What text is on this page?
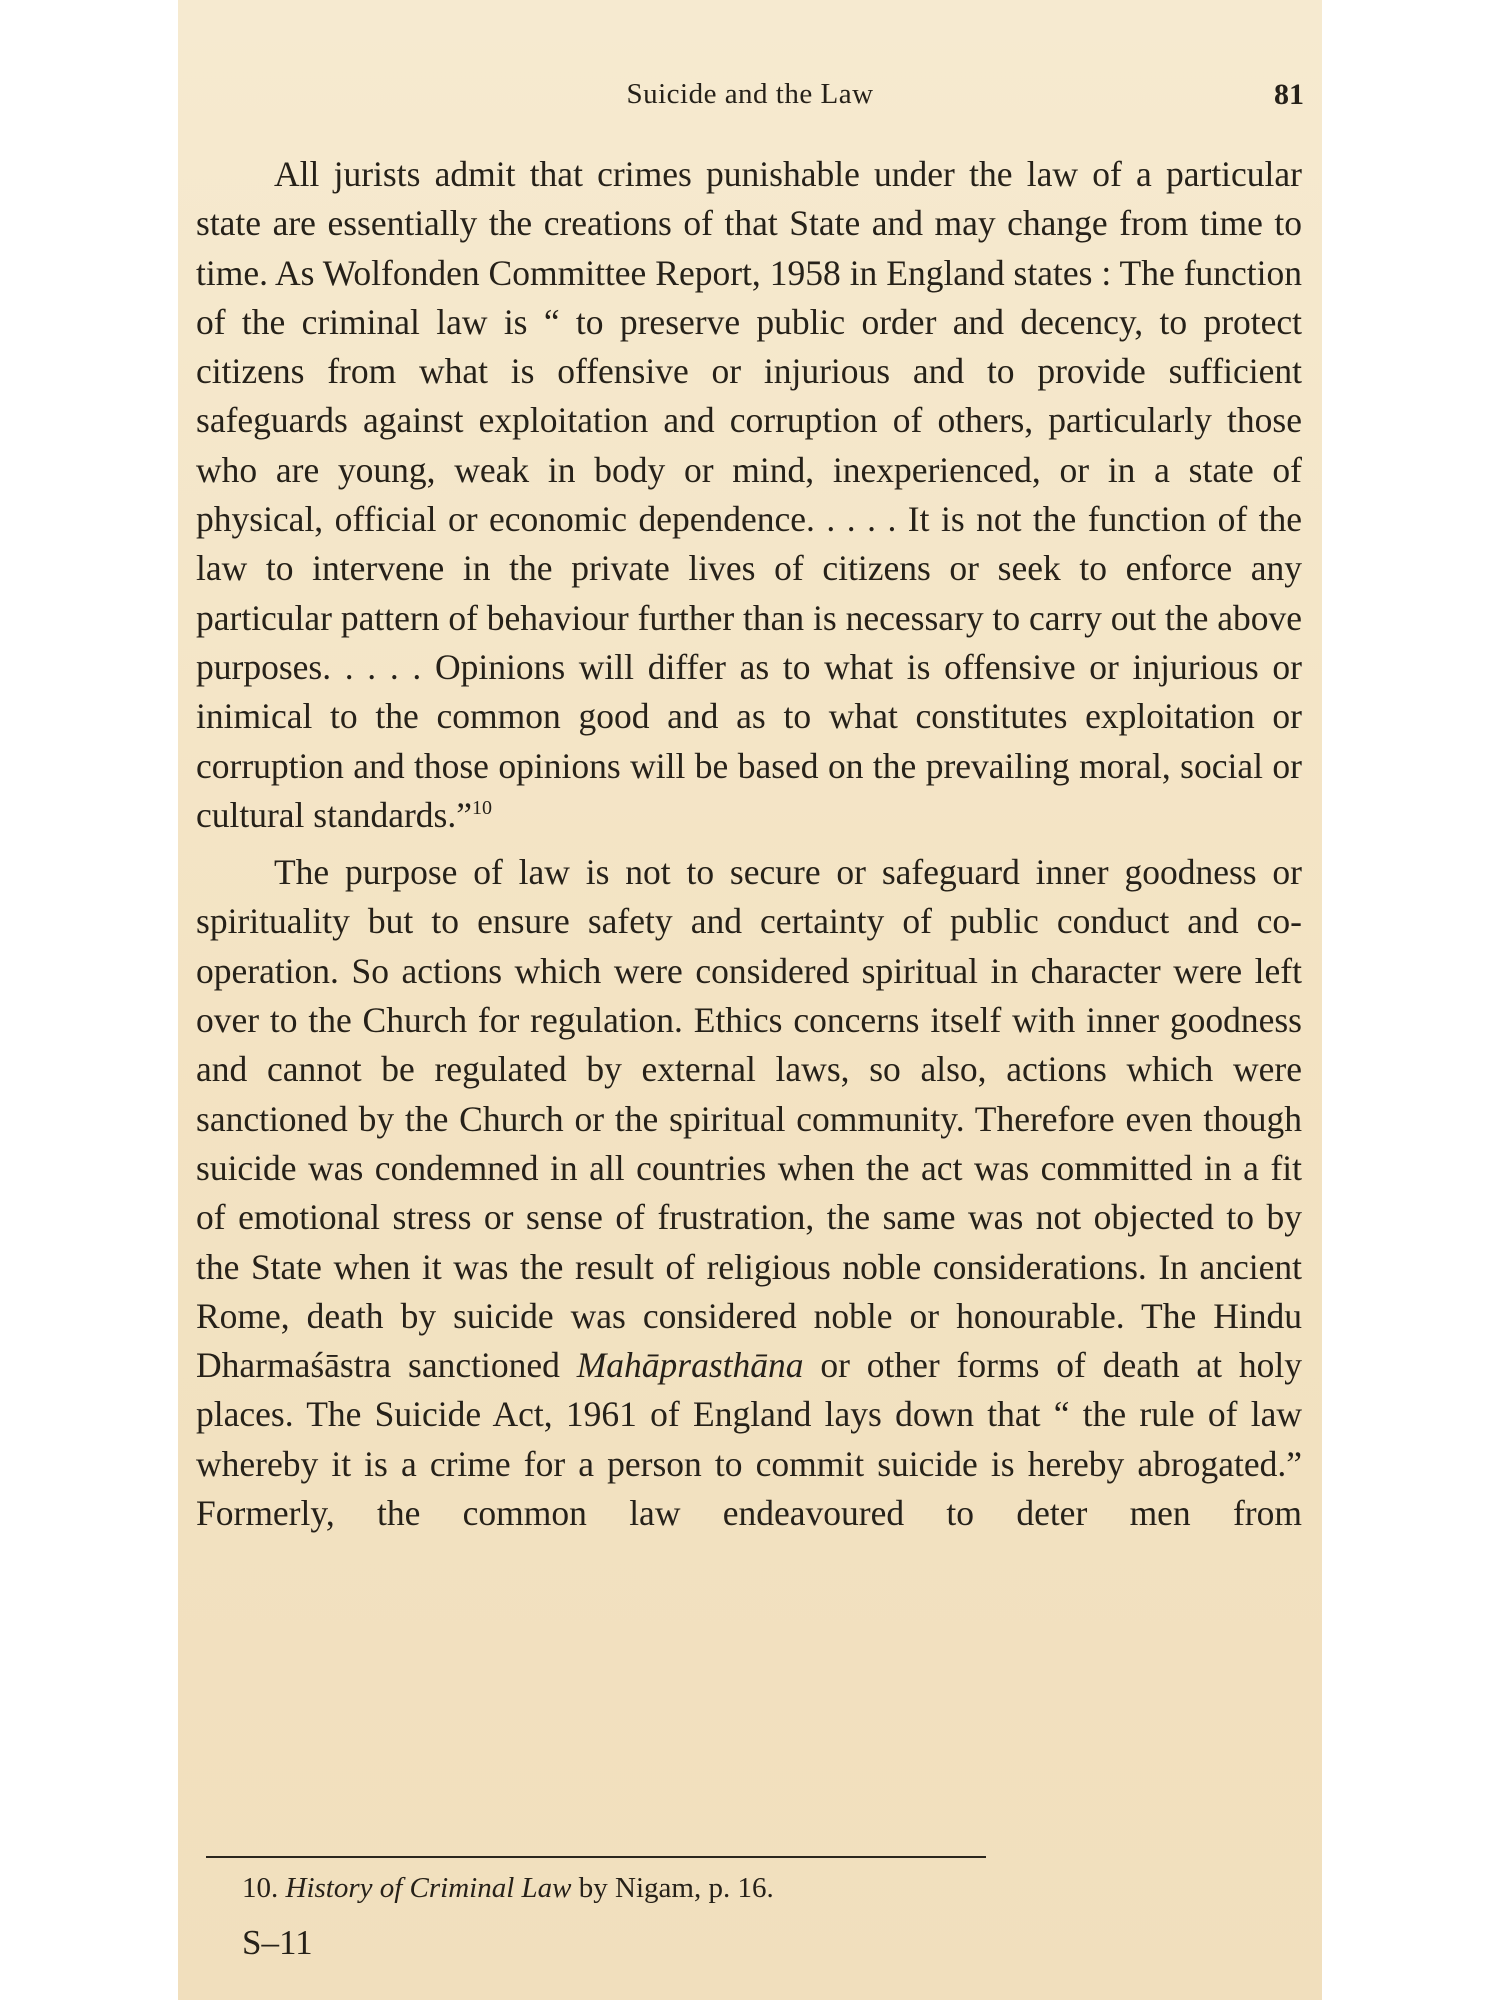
Suicide and the Law	81

All jurists admit that crimes punishable under the law of a particular state are essentially the creations of that State and may change from time to time. As Wolfonden Committee Report, 1958 in England states : The function of the criminal law is “ to preserve public order and decency, to protect citizens from what is offensive or injurious and to provide sufficient safeguards against exploitation and corruption of others, particularly those who are young, weak in body or mind, inexperienced, or in a state of physical, official or economic dependence. . . . . It is not the function of the law to intervene in the private lives of citizens or seek to enforce any particular pattern of behaviour further than is necessary to carry out the above purposes. . . . . Opinions will differ as to what is offensive or injurious or inimical to the common good and as to what constitutes exploitation or corruption and those opinions will be based on the prevailing moral, social or cultural standards.”$^{10}$

The purpose of law is not to secure or safeguard inner goodness or spirituality but to ensure safety and certainty of public conduct and co-operation. So actions which were considered spiritual in character were left over to the Church for regulation. Ethics concerns itself with inner goodness and cannot be regulated by external laws, so also, actions which were sanctioned by the Church or the spiritual community. Therefore even though suicide was condemned in all countries when the act was committed in a fit of emotional stress or sense of frustration, the same was not objected to by the State when it was the result of religious noble considerations. In ancient Rome, death by suicide was considered noble or honourable. The Hindu Dharmaśāstra sanctioned Mahāprasthāna or other forms of death at holy places. The Suicide Act, 1961 of England lays down that “ the rule of law whereby it is a crime for a person to commit suicide is hereby abrogated.” Formerly, the common law endeavoured to deter men from

10. History of Criminal Law by Nigam, p. 16.
S–11
